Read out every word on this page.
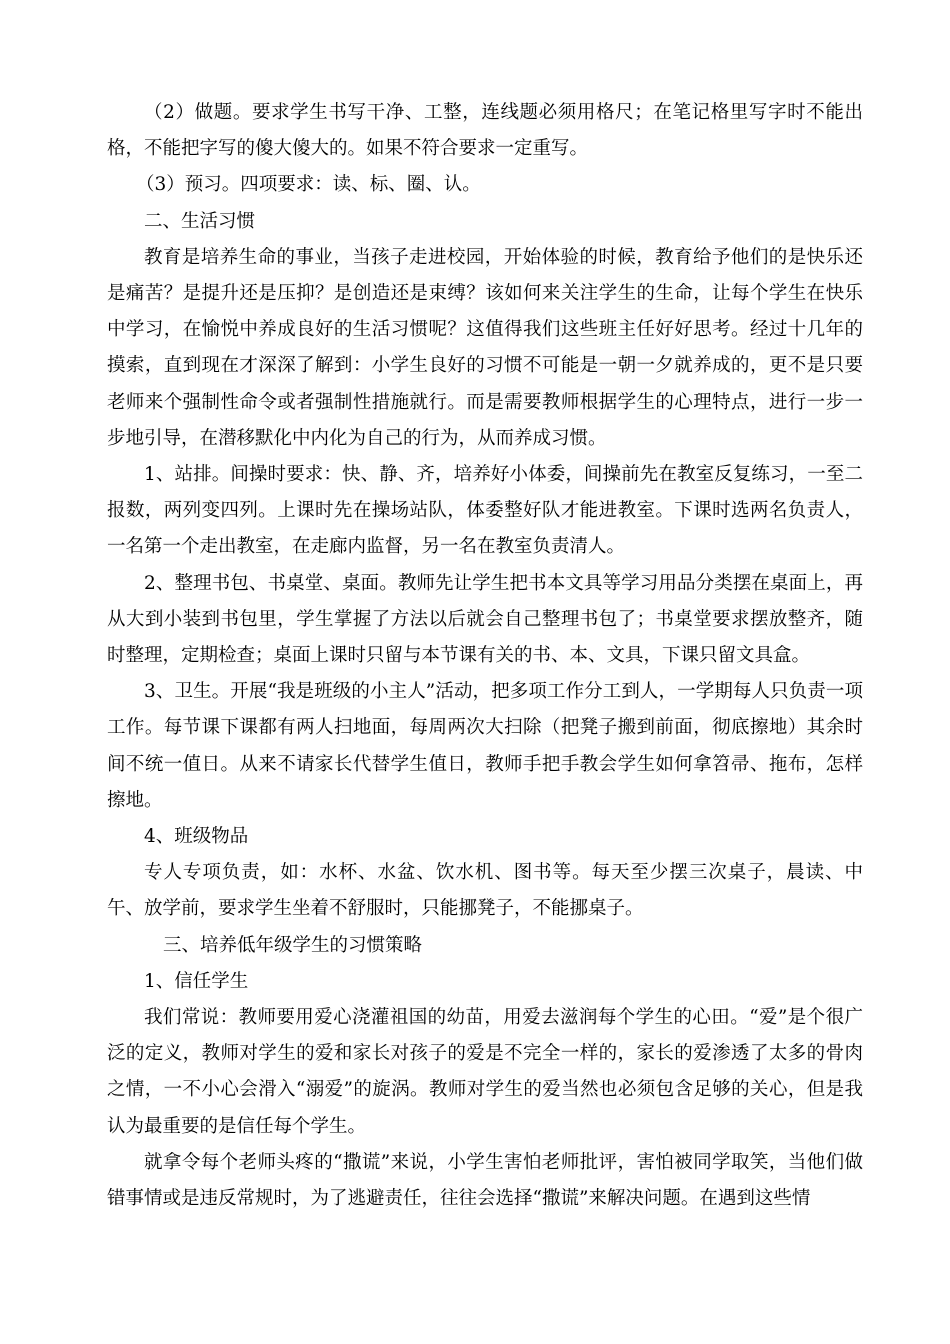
（2）做题。要求学生书写干净、工整，连线题必须用格尺；在笔记格里写字时不能出格，不能把字写的傻大傻大的。如果不符合要求一定重写。

（3）预习。四项要求：读、标、圈、认。

二、生活习惯

教育是培养生命的事业，当孩子走进校园，开始体验的时候，教育给予他们的是快乐还是痛苦？是提升还是压抑？是创造还是束缚？该如何来关注学生的生命，让每个学生在快乐中学习，在愉悦中养成良好的生活习惯呢？这值得我们这些班主任好好思考。经过十几年的摸索，直到现在才深深了解到：小学生良好的习惯不可能是一朝一夕就养成的，更不是只要老师来个强制性命令或者强制性措施就行。而是需要教师根据学生的心理特点，进行一步一步地引导，在潜移默化中内化为自己的行为，从而养成习惯。

1、站排。间操时要求：快、静、齐，培养好小体委，间操前先在教室反复练习，一至二报数，两列变四列。上课时先在操场站队，体委整好队才能进教室。下课时选两名负责人，一名第一个走出教室，在走廊内监督，另一名在教室负责清人。

2、整理书包、书桌堂、桌面。教师先让学生把书本文具等学习用品分类摆在桌面上，再从大到小装到书包里，学生掌握了方法以后就会自己整理书包了；书桌堂要求摆放整齐，随时整理，定期检查；桌面上课时只留与本节课有关的书、本、文具，下课只留文具盒。

3、卫生。开展“我是班级的小主人”活动，把多项工作分工到人，一学期每人只负责一项工作。每节课下课都有两人扫地面，每周两次大扫除（把凳子搬到前面，彻底擦地）其余时间不统一值日。从来不请家长代替学生值日，教师手把手教会学生如何拿笤帚、拖布，怎样擦地。

4、班级物品

专人专项负责，如：水杯、水盆、饮水机、图书等。每天至少摆三次桌子，晨读、中午、放学前，要求学生坐着不舒服时，只能挪凳子，不能挪桌子。

三、培养低年级学生的习惯策略

1、信任学生

我们常说：教师要用爱心浇灌祖国的幼苗，用爱去滋润每个学生的心田。“爱”是个很广泛的定义，教师对学生的爱和家长对孩子的爱是不完全一样的，家长的爱渗透了太多的骨肉之情，一不小心会滑入“溺爱”的旋涡。教师对学生的爱当然也必须包含足够的关心，但是我认为最重要的是信任每个学生。

就拿令每个老师头疼的“撒谎”来说，小学生害怕老师批评，害怕被同学取笑，当他们做错事情或是违反常规时，为了逃避责任，往往会选择“撒谎”来解决问题。在遇到这些情
